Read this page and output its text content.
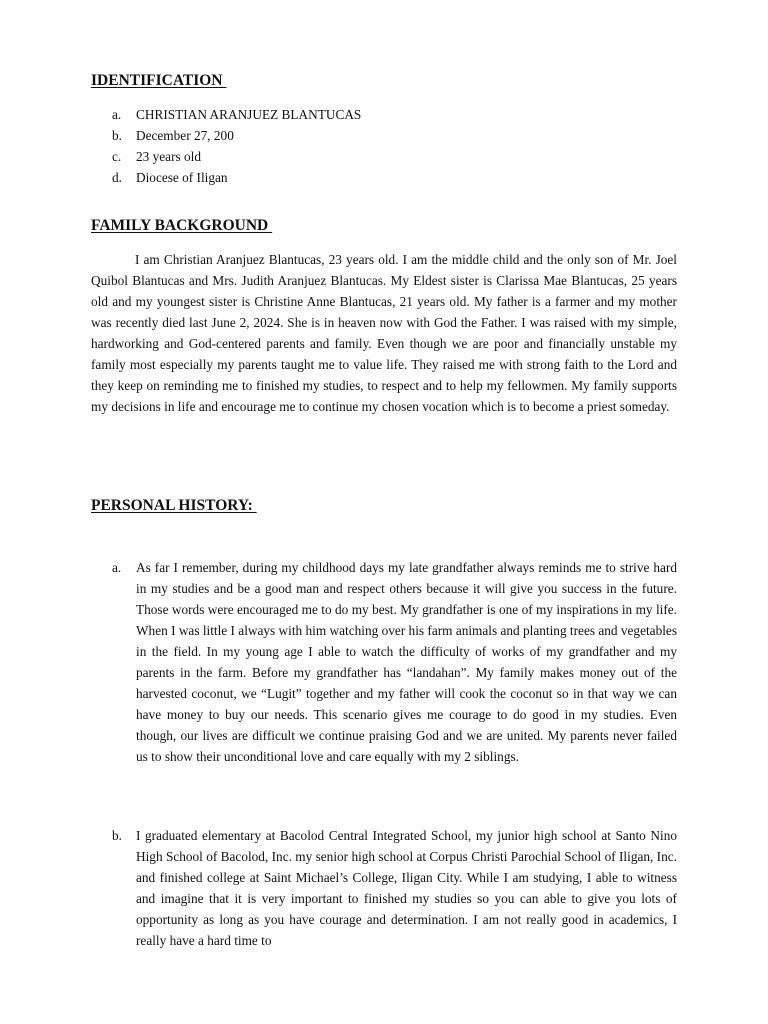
IDENTIFICATION
a.	CHRISTIAN ARANJUEZ BLANTUCAS
b.	December 27, 200
c.	23 years old
d.	Diocese of Iligan
FAMILY BACKGROUND

I am Christian Aranjuez Blantucas, 23 years old. I am the middle child and the only son of Mr. Joel Quibol Blantucas and Mrs. Judith Aranjuez Blantucas. My Eldest sister is Clarissa Mae Blantucas, 25 years old and my youngest sister is Christine Anne Blantucas, 21 years old. My father is a farmer and my mother was recently died last June 2, 2024. She is in heaven now with God the Father. I was raised with my simple, hardworking and God-centered parents and family. Even though we are poor and financially unstable my family most especially my parents taught me to value life. They raised me with strong faith to the Lord and they keep on reminding me to finished my studies, to respect and to help my fellowmen. My family supports my decisions in life and encourage me to continue my chosen vocation which is to become a priest someday.

PERSONAL HISTORY:
a. As far I remember, during my childhood days my late grandfather always reminds me to strive hard in my studies and be a good man and respect others because it will give you success in the future. Those words were encouraged me to do my best. My grandfather is one of my inspirations in my life. When I was little I always with him watching over his farm animals and planting trees and vegetables in the field. In my young age I able to watch the difficulty of works of my grandfather and my parents in the farm. Before my grandfather has “landahan”. My family makes money out of the harvested coconut, we “Lugit” together and my father will cook the coconut so in that way we can have money to buy our needs. This scenario gives me courage to do good in my studies. Even though, our lives are difficult we continue praising God and we are united. My parents never failed us to show their unconditional love and care equally with my 2 siblings.

b. I graduated elementary at Bacolod Central Integrated School, my junior high school at Santo Nino High School of Bacolod, Inc. my senior high school at Corpus Christi Parochial School of Iligan, Inc. and finished college at Saint Michael’s College, Iligan City. While I am studying, I able to witness and imagine that it is very important to finished my studies so you can able to give you lots of opportunity as long as you have courage and determination. I am not really good in academics, I really have a hard time to
